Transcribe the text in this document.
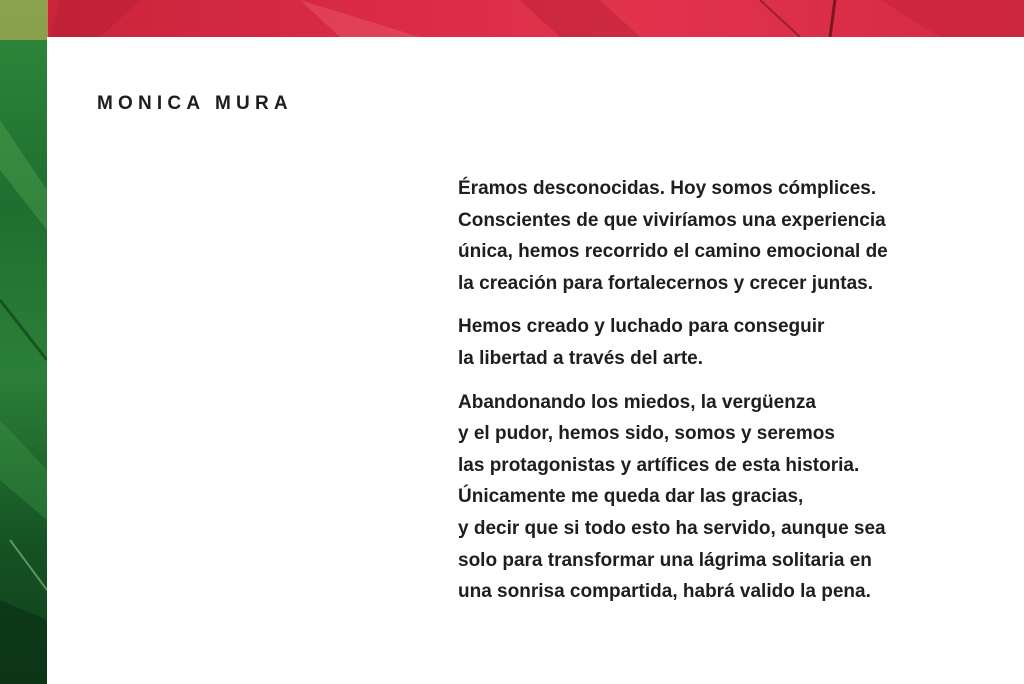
MONICA MURA

Éramos desconocidas. Hoy somos cómplices.
Conscientes de que viviríamos una experiencia
única, hemos recorrido el camino emocional de
la creación para fortalecernos y crecer juntas.

Hemos creado y luchado para conseguir
la libertad a través del arte.

Abandonando los miedos, la vergüenza
y el pudor, hemos sido, somos y seremos
las protagonistas y artífices de esta historia.
Únicamente me queda dar las gracias,
y decir que si todo esto ha servido, aunque sea
solo para transformar una lágrima solitaria en
una sonrisa compartida, habrá valido la pena.
